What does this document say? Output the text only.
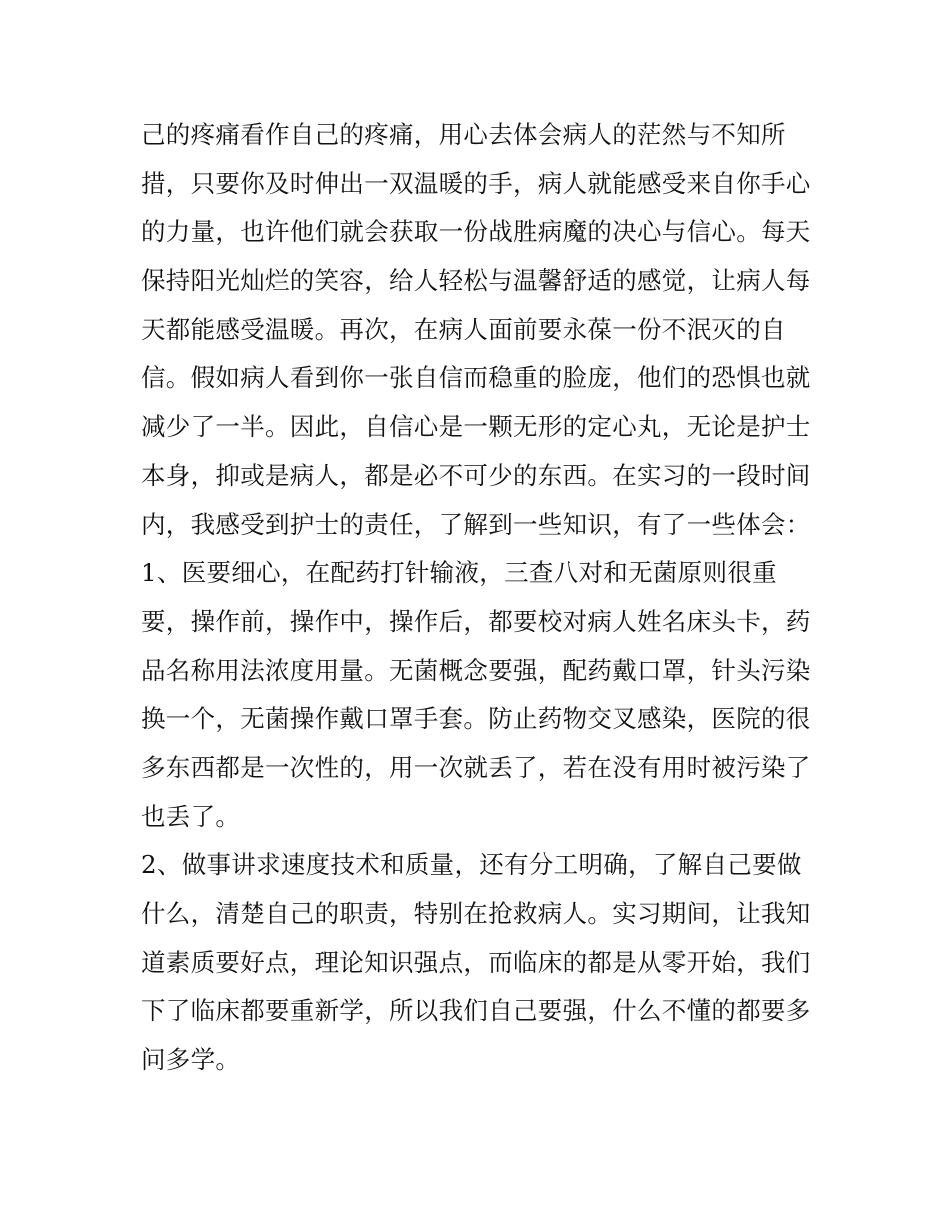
己的疼痛看作自己的疼痛，用心去体会病人的茫然与不知所
措，只要你及时伸出一双温暖的手，病人就能感受来自你手心
的力量，也许他们就会获取一份战胜病魔的决心与信心。每天
保持阳光灿烂的笑容，给人轻松与温馨舒适的感觉，让病人每
天都能感受温暖。再次，在病人面前要永葆一份不泯灭的自
信。假如病人看到你一张自信而稳重的脸庞，他们的恐惧也就
减少了一半。因此，自信心是一颗无形的定心丸，无论是护士
本身，抑或是病人，都是必不可少的东西。在实习的一段时间
内，我感受到护士的责任，了解到一些知识，有了一些体会：
1、医要细心，在配药打针输液，三查八对和无菌原则很重
要，操作前，操作中，操作后，都要校对病人姓名床头卡，药
品名称用法浓度用量。无菌概念要强，配药戴口罩，针头污染
换一个，无菌操作戴口罩手套。防止药物交叉感染，医院的很
多东西都是一次性的，用一次就丢了，若在没有用时被污染了
也丢了。
2、做事讲求速度技术和质量，还有分工明确，了解自己要做
什么，清楚自己的职责，特别在抢救病人。实习期间，让我知
道素质要好点，理论知识强点，而临床的都是从零开始，我们
下了临床都要重新学，所以我们自己要强，什么不懂的都要多
问多学。
